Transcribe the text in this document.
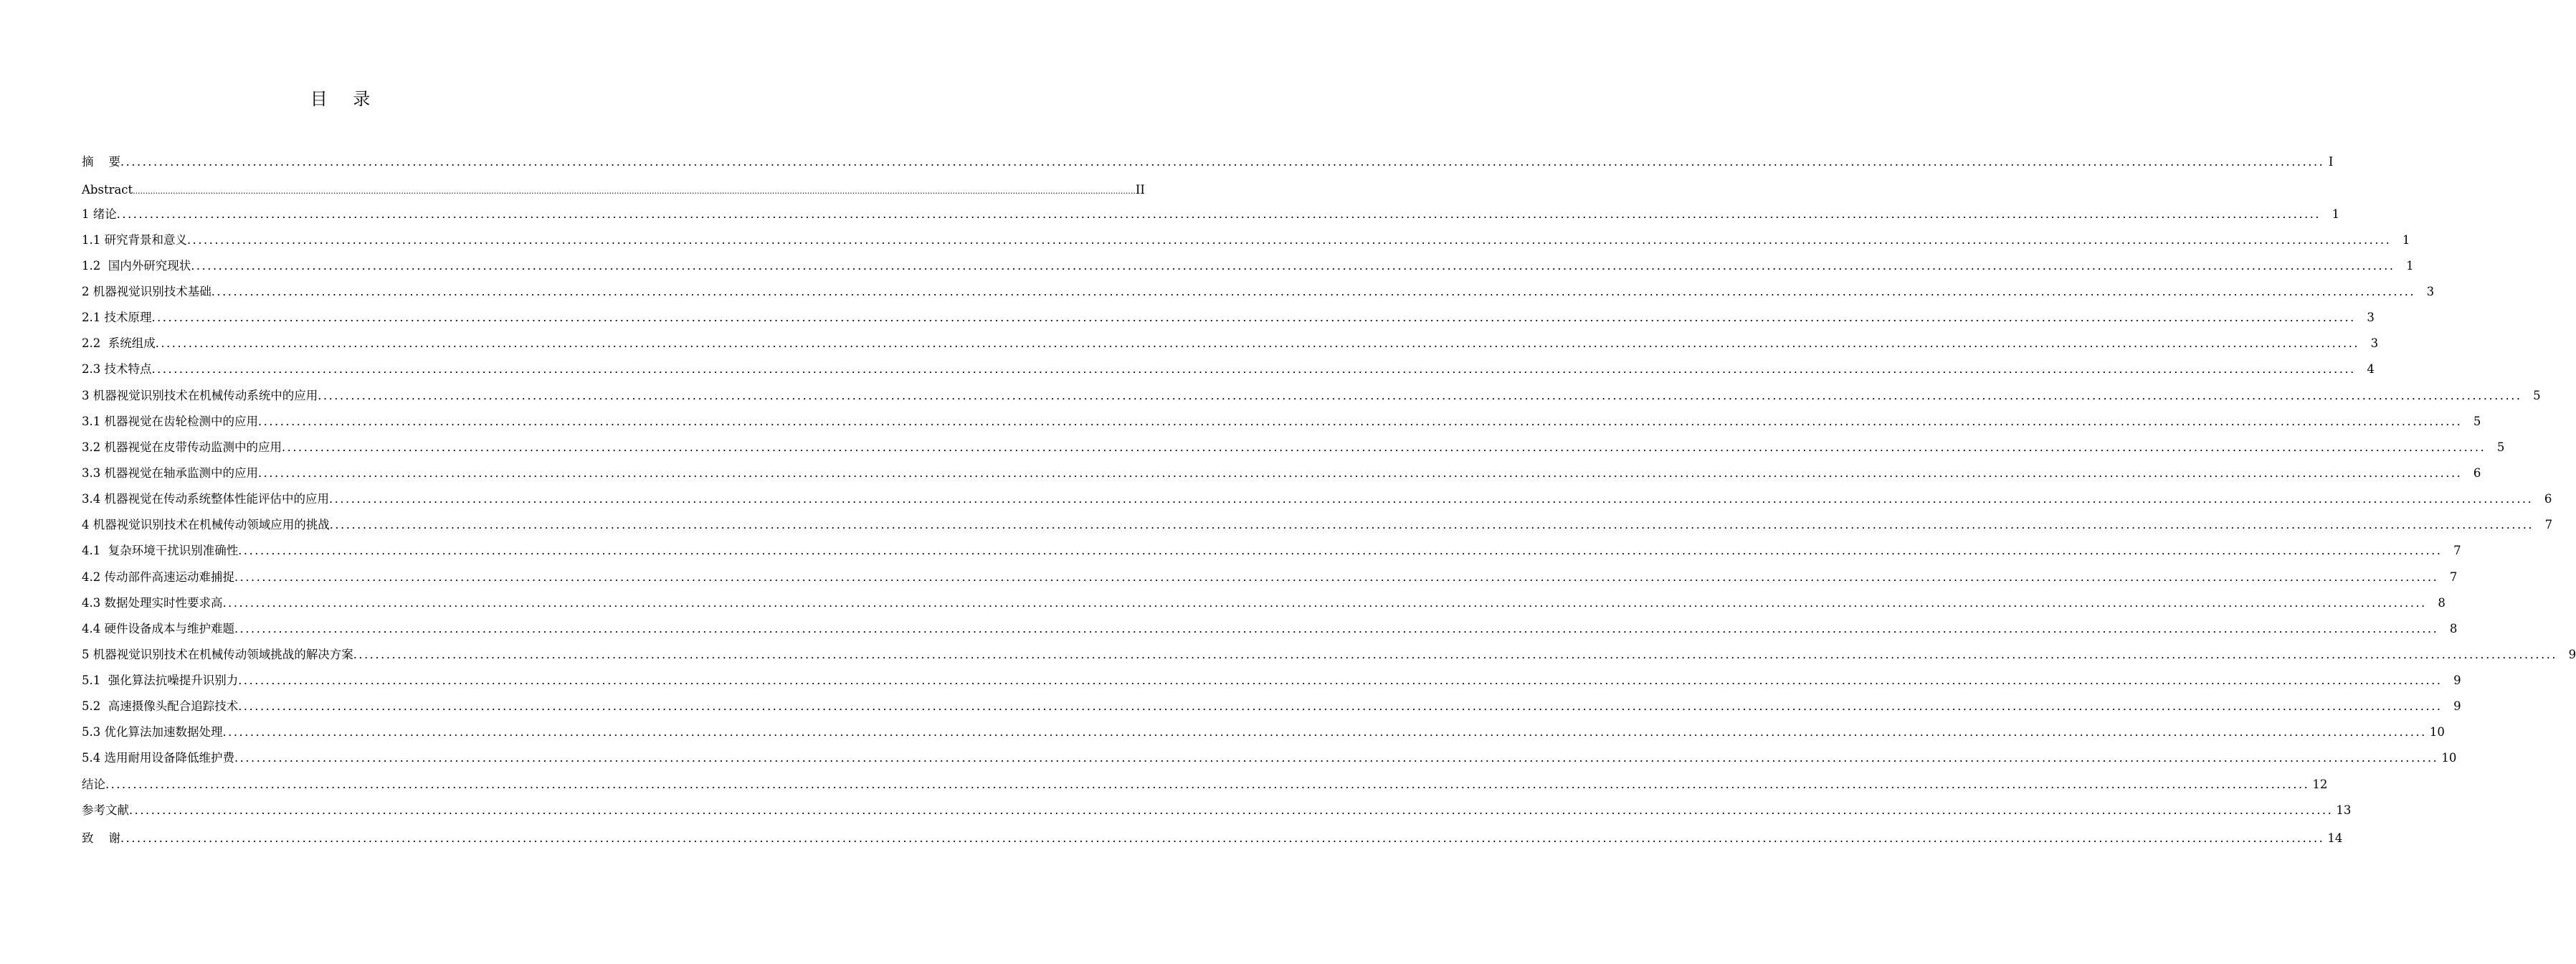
目    录
摘    要 ................................................................................................................................................................................................................................................................................................................................................................................................................ I
Abstract ................................................................................................................................................................................................................................................................................................................................................................................................................ II
1 绪论 ................................................................................................................................................................................................................................................................................................................................................................................................................ 1
1.1 研究背景和意义 ................................................................................................................................................................................................................................................................................................................................................................................................................ 1
1.2  国内外研究现状 ................................................................................................................................................................................................................................................................................................................................................................................................................ 1
2 机器视觉识别技术基础 ................................................................................................................................................................................................................................................................................................................................................................................................................ 3
2.1 技术原理 ................................................................................................................................................................................................................................................................................................................................................................................................................ 3
2.2  系统组成 ................................................................................................................................................................................................................................................................................................................................................................................................................ 3
2.3 技术特点 ................................................................................................................................................................................................................................................................................................................................................................................................................ 4
3 机器视觉识别技术在机械传动系统中的应用 ................................................................................................................................................................................................................................................................................................................................................................................................................ 5
3.1 机器视觉在齿轮检测中的应用 ................................................................................................................................................................................................................................................................................................................................................................................................................ 5
3.2 机器视觉在皮带传动监测中的应用 ................................................................................................................................................................................................................................................................................................................................................................................................................ 5
3.3 机器视觉在轴承监测中的应用 ................................................................................................................................................................................................................................................................................................................................................................................................................ 6
3.4 机器视觉在传动系统整体性能评估中的应用 ................................................................................................................................................................................................................................................................................................................................................................................................................ 6
4 机器视觉识别技术在机械传动领域应用的挑战 ................................................................................................................................................................................................................................................................................................................................................................................................................ 7
4.1  复杂环境干扰识别准确性 ................................................................................................................................................................................................................................................................................................................................................................................................................ 7
4.2 传动部件高速运动难捕捉 ................................................................................................................................................................................................................................................................................................................................................................................................................ 7
4.3 数据处理实时性要求高 ................................................................................................................................................................................................................................................................................................................................................................................................................ 8
4.4 硬件设备成本与维护难题 ................................................................................................................................................................................................................................................................................................................................................................................................................ 8
5 机器视觉识别技术在机械传动领域挑战的解决方案 ................................................................................................................................................................................................................................................................................................................................................................................................................ 9
5.1  强化算法抗噪提升识别力 ................................................................................................................................................................................................................................................................................................................................................................................................................ 9
5.2  高速摄像头配合追踪技术 ................................................................................................................................................................................................................................................................................................................................................................................................................ 9
5.3 优化算法加速数据处理 ................................................................................................................................................................................................................................................................................................................................................................................................................ 10
5.4 选用耐用设备降低维护费 ................................................................................................................................................................................................................................................................................................................................................................................................................ 10
结论 ................................................................................................................................................................................................................................................................................................................................................................................................................ 12
参考文献 ................................................................................................................................................................................................................................................................................................................................................................................................................ 13
致    谢 ................................................................................................................................................................................................................................................................................................................................................................................................................ 14
